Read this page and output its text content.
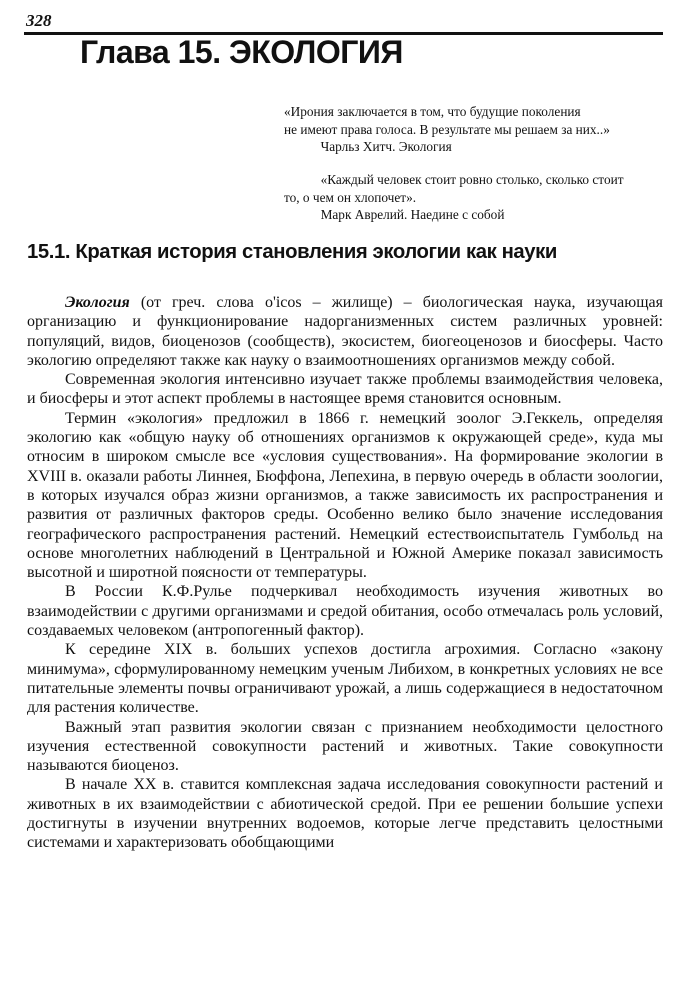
328
Глава 15. ЭКОЛОГИЯ

«Ирония заключается в том, что будущие поколения

не имеют права голоса. В результате мы решаем за них..»

Чарльз Хитч. Экология

«Каждый человек стоит ровно столько, сколько стоит

то, о чем он хлопочет».

Марк Аврелий. Наедине с собой

15.1. Краткая история становления экологии как науки

Экология (от греч. слова o'icos – жилище) – биологическая наука, изучающая организацию и функционирование надорганизменных систем различных уровней: популяций, видов, биоценозов (сообществ), экосистем, биогеоценозов и биосферы. Часто экологию определяют также как науку о взаимоотношениях организмов между собой.

Современная экология интенсивно изучает также проблемы взаимодействия человека, и биосферы и этот аспект проблемы в настоящее время становится основным.

Термин «экология» предложил в 1866 г. немецкий зоолог Э.Геккель, определяя экологию как «общую науку об отношениях организмов к окружающей среде», куда мы относим в широком смысле все «условия существования». На формирование экологии в XVIII в. оказали работы Линнея, Бюффона, Лепехина, в первую очередь в области зоологии, в которых изучался образ жизни организмов, а также зависимость их распространения и развития от различных факторов среды. Особенно велико было значение исследования географического распространения растений. Немецкий естествоиспытатель Гумбольд на основе многолетних наблюдений в Центральной и Южной Америке показал зависимость высотной и широтной поясности от температуры.

В России К.Ф.Рулье подчеркивал необходимость изучения животных во взаимодействии с другими организмами и средой обитания, особо отмечалась роль условий, создаваемых человеком (антропогенный фактор).

К середине XIX в. больших успехов достигла агрохимия. Согласно «закону минимума», сформулированному немецким ученым Либихом, в конкретных условиях не все питательные элементы почвы ограничивают урожай, а лишь содержащиеся в недостаточном для растения количестве.

Важный этап развития экологии связан с признанием необходимости целостного изучения естественной совокупности растений и животных. Такие совокупности называются биоценоз.

В начале XX в. ставится комплексная задача исследования совокупности растений и животных в их взаимодействии с абиотической средой. При ее решении большие успехи достигнуты в изучении внутренних водоемов, которые легче представить целостными системами и характеризовать обобщающими
